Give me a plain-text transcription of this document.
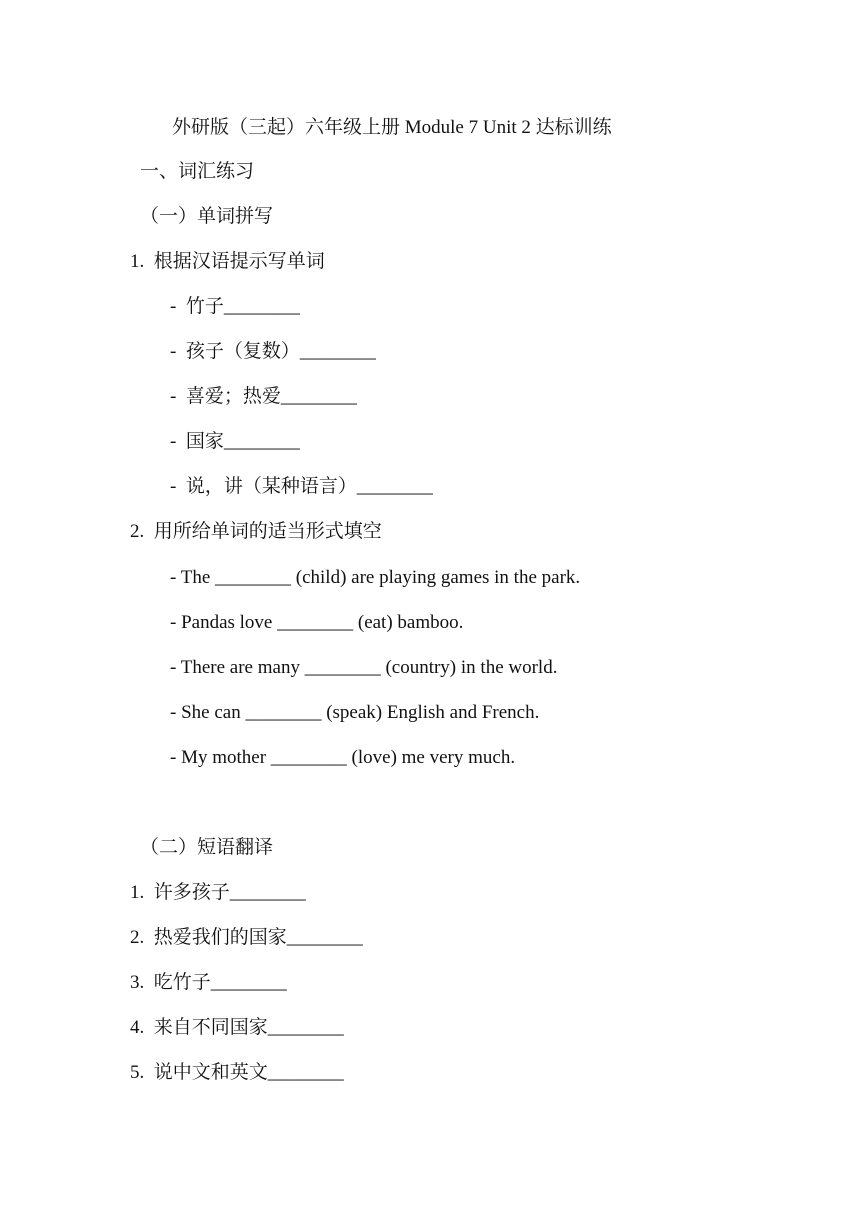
外研版（三起）六年级上册 Module 7 Unit 2 达标训练
一、词汇练习
（一）单词拼写
1.  根据汉语提示写单词
-  竹子________
-  孩子（复数）________
-  喜爱；热爱________
-  国家________
-  说，讲（某种语言）________
2.  用所给单词的适当形式填空
- The ________ (child) are playing games in the park.
- Pandas love ________ (eat) bamboo.
- There are many ________ (country) in the world.
- She can ________ (speak) English and French.
- My mother ________ (love) me very much.
（二）短语翻译
1.  许多孩子________
2.  热爱我们的国家________
3.  吃竹子________
4.  来自不同国家________
5.  说中文和英文________
